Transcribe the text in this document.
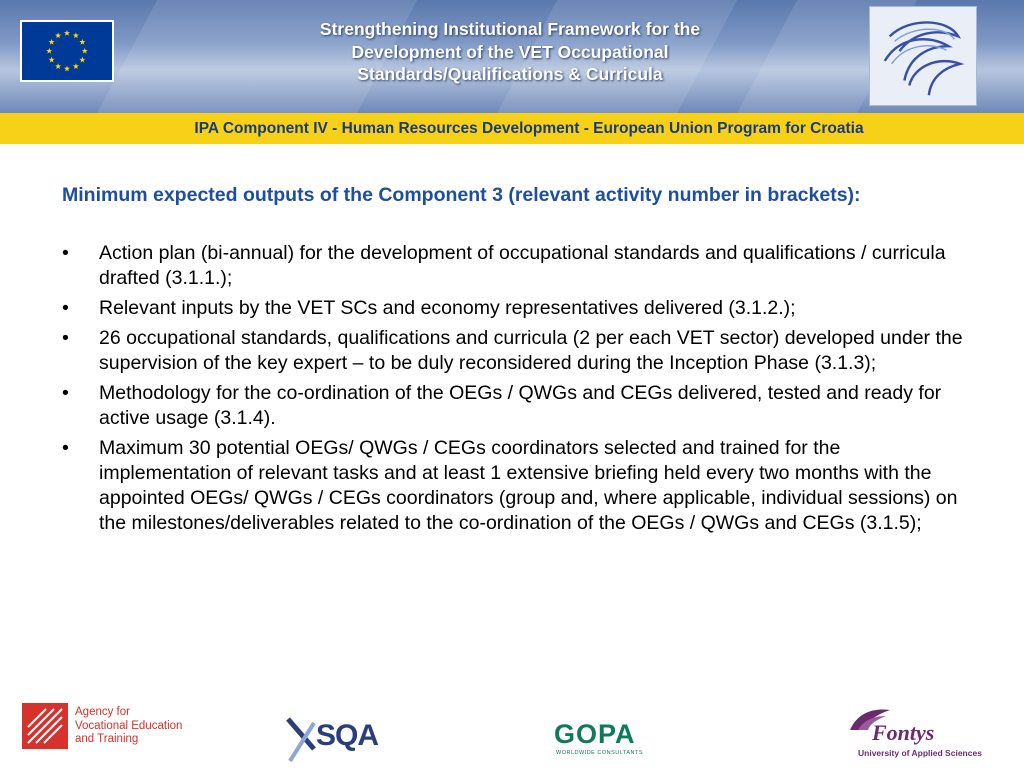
Strengthening Institutional Framework for the
Development of the VET Occupational
Standards/Qualifications & Curricula
IPA Component IV - Human Resources Development - European Union Program for Croatia

Minimum expected outputs of the Component 3 (relevant activity number in brackets):

•	Action plan (bi-annual) for the development of occupational standards and qualifications / curricula drafted (3.1.1.);
•	Relevant inputs by the VET SCs and economy representatives delivered (3.1.2.);
•	26 occupational standards, qualifications and curricula (2 per each VET sector) developed under the supervision of the key expert – to be duly reconsidered during the Inception Phase (3.1.3);
•	Methodology for the co-ordination of the OEGs / QWGs and CEGs delivered, tested and ready for active usage (3.1.4).
•	Maximum 30 potential OEGs/ QWGs / CEGs coordinators selected and trained for the implementation of relevant tasks and at least 1 extensive briefing held every two months with the appointed OEGs/ QWGs / CEGs coordinators (group and, where applicable, individual sessions) on the milestones/deliverables related to the co-ordination of the OEGs / QWGs and CEGs (3.1.5);
Agency for
Vocational Education
and Training	SQA	GOPA
WORLDWIDE CONSULTANTS
Fontys
University of Applied Sciences
